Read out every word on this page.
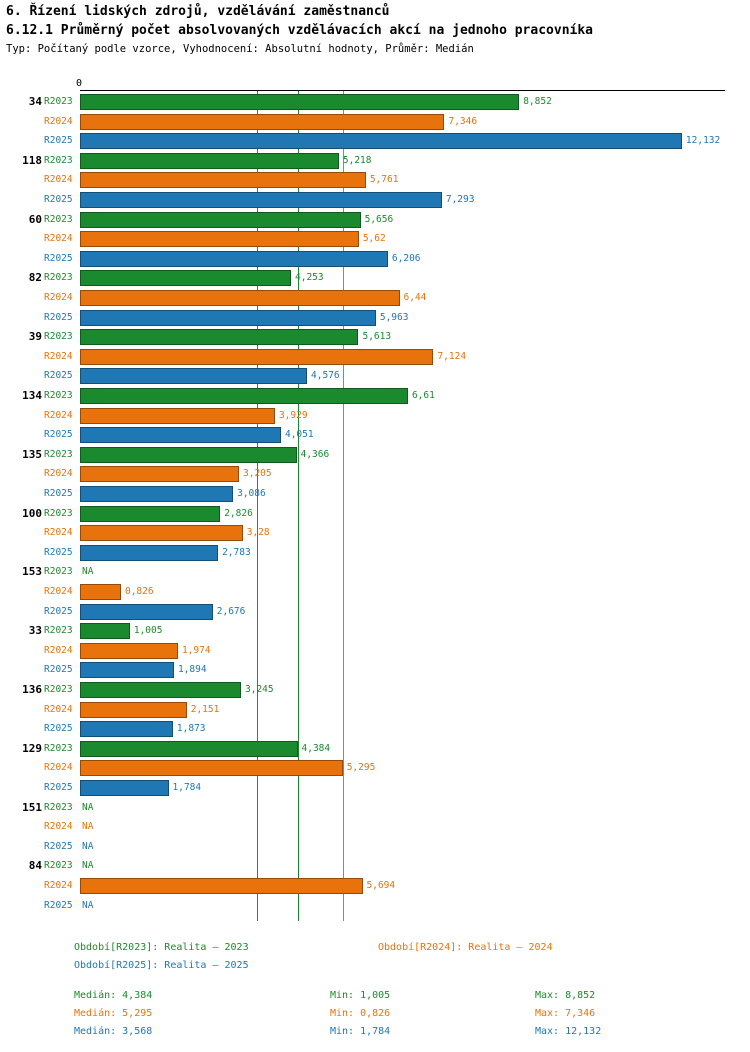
6. Řízení lidských zdrojů, vzdělávání zaměstnanců
6.12.1 Průměrný počet absolvovaných vzdělávacích akcí na jednoho pracovníka
Typ: Počítaný podle vzorce, Vyhodnocení: Absolutní hodnoty, Průměr: Medián
0
34 R2023	8,852
R2024	7,346
R2025	12,132
118 R2023	5,218
R2024	5,761
R2025	7,293
60 R2023	5,656
R2024	5,62
R2025	6,206
82 R2023	4,253
R2024	6,44
R2025	5,963
39 R2023	5,613
R2024	7,124
R2025	4,576
134 R2023	6,61
R2024	3,929
R2025	4,051
135 R2023	4,366
R2024	3,205
R2025	3,086
100 R2023	2,826
R2024	3,28
R2025	2,783
153 R2023 NA
R2024	0,826
R2025	2,676
33 R2023	1,005
R2024	1,974
R2025	1,894
136 R2023	3,245
R2024	2,151
R2025	1,873
129 R2023	4,384
R2024	5,295
R2025	1,784
151 R2023 NA
R2024 NA
R2025 NA
84 R2023 NA
R2024	5,694
R2025 NA
Období[R2023]: Realita – 2023	Období[R2024]: Realita – 2024
Období[R2025]: Realita – 2025
Medián: 4,384	Min: 1,005	Max: 8,852
Medián: 5,295	Min: 0,826	Max: 7,346
Medián: 3,568	Min: 1,784	Max: 12,132
